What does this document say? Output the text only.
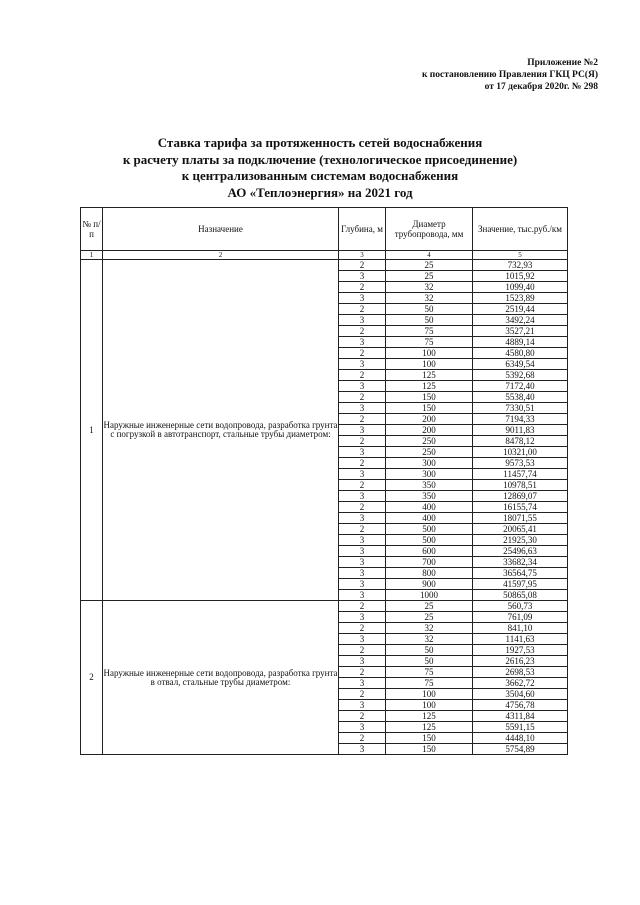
Приложение №2
к постановлению Правления ГКЦ РС(Я)
от 17 декабря 2020г. № 298
Ставка тарифа за протяженность сетей водоснабжения
к расчету платы за подключение (технологическое присоединение)
к централизованным системам водоснабжения
АО «Теплоэнергия» на 2021 год
№ п/п	Назначение	Глубина, м	Диаметр трубопровода, мм	Значение, тыс.руб./км
1	2	3	4	5
1	Наружные инженерные сети водопровода, разработка грунта с погрузкой в автотранспорт, стальные трубы диаметром:	2	25	732,93
		3	25	1015,92
		2	32	1099,40
		3	32	1523,89
		2	50	2519,44
		3	50	3492,24
		2	75	3527,21
		3	75	4889,14
		2	100	4580,80
		3	100	6349,54
		2	125	5392,68
		3	125	7172,40
		2	150	5538,40
		3	150	7330,51
		2	200	7194,33
		3	200	9011,83
		2	250	8478,12
		3	250	10321,00
		2	300	9573,53
		3	300	11457,74
		2	350	10978,51
		3	350	12869,07
		2	400	16155,74
		3	400	18071,55
		2	500	20065,41
		3	500	21925,30
		3	600	25496,63
		3	700	33682,34
		3	800	36564,75
		3	900	41597,95
		3	1000	50865,08
2	Наружные инженерные сети водопровода, разработка грунта в отвал, стальные трубы диаметром:	2	25	560,73
		3	25	761,09
		2	32	841,10
		3	32	1141,63
		2	50	1927,53
		3	50	2616,23
		2	75	2698,53
		3	75	3662,72
		2	100	3504,60
		3	100	4756,78
		2	125	4311,84
		3	125	5591,15
		2	150	4448,10
		3	150	5754,89
